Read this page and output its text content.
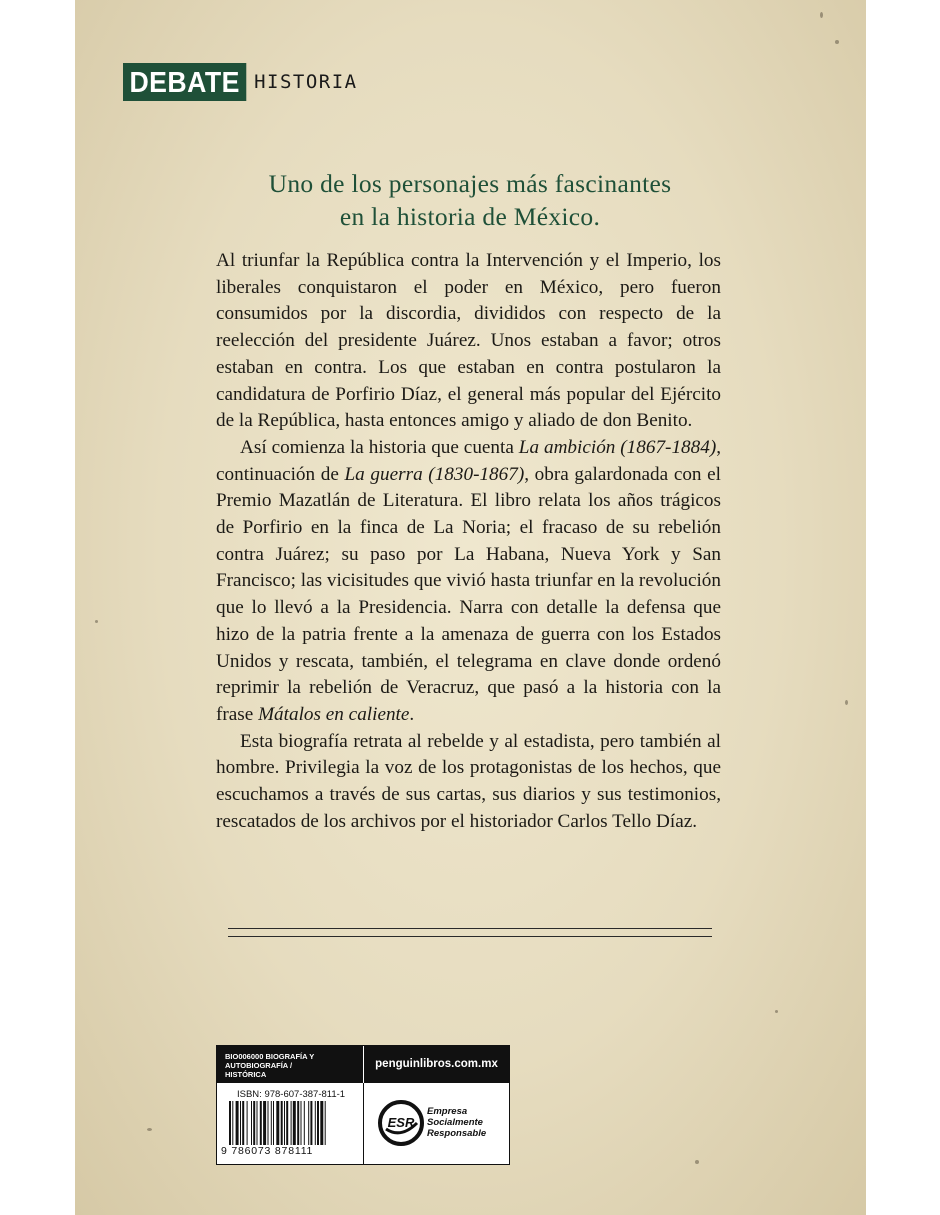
DEBATE HISTORIA
Uno de los personajes más fascinantes
en la historia de México.

Al triunfar la República contra la Intervención y el Imperio, los liberales conquistaron el poder en México, pero fueron consumidos por la discordia, divididos con respecto de la reelección del presidente Juárez. Unos estaban a favor; otros estaban en contra. Los que estaban en contra postularon la candidatura de Porfirio Díaz, el general más popular del Ejército de la República, hasta entonces amigo y aliado de don Benito.

Así comienza la historia que cuenta La ambición (1867-1884), continuación de La guerra (1830-1867), obra galardonada con el Premio Mazatlán de Literatura. El libro relata los años trágicos de Porfirio en la finca de La Noria; el fracaso de su rebelión contra Juárez; su paso por La Habana, Nueva York y San Francisco; las vicisitudes que vivió hasta triunfar en la revolución que lo llevó a la Presidencia. Narra con detalle la defensa que hizo de la patria frente a la amenaza de guerra con los Estados Unidos y rescata, también, el telegrama en clave donde ordenó reprimir la rebelión de Veracruz, que pasó a la historia con la frase Mátalos en caliente.

Esta biografía retrata al rebelde y al estadista, pero también al hombre. Privilegia la voz de los protagonistas de los hechos, que escuchamos a través de sus cartas, sus diarios y sus testimonios, rescatados de los archivos por el historiador Carlos Tello Díaz.

BIO006000 BIOGRAFÍA Y AUTOBIOGRAFÍA /
HISTÓRICA
penguinlibros.com.mx
ISBN: 978-607-387-811-1
9 786073 878111
ESR
Empresa
Socialmente
Responsable
